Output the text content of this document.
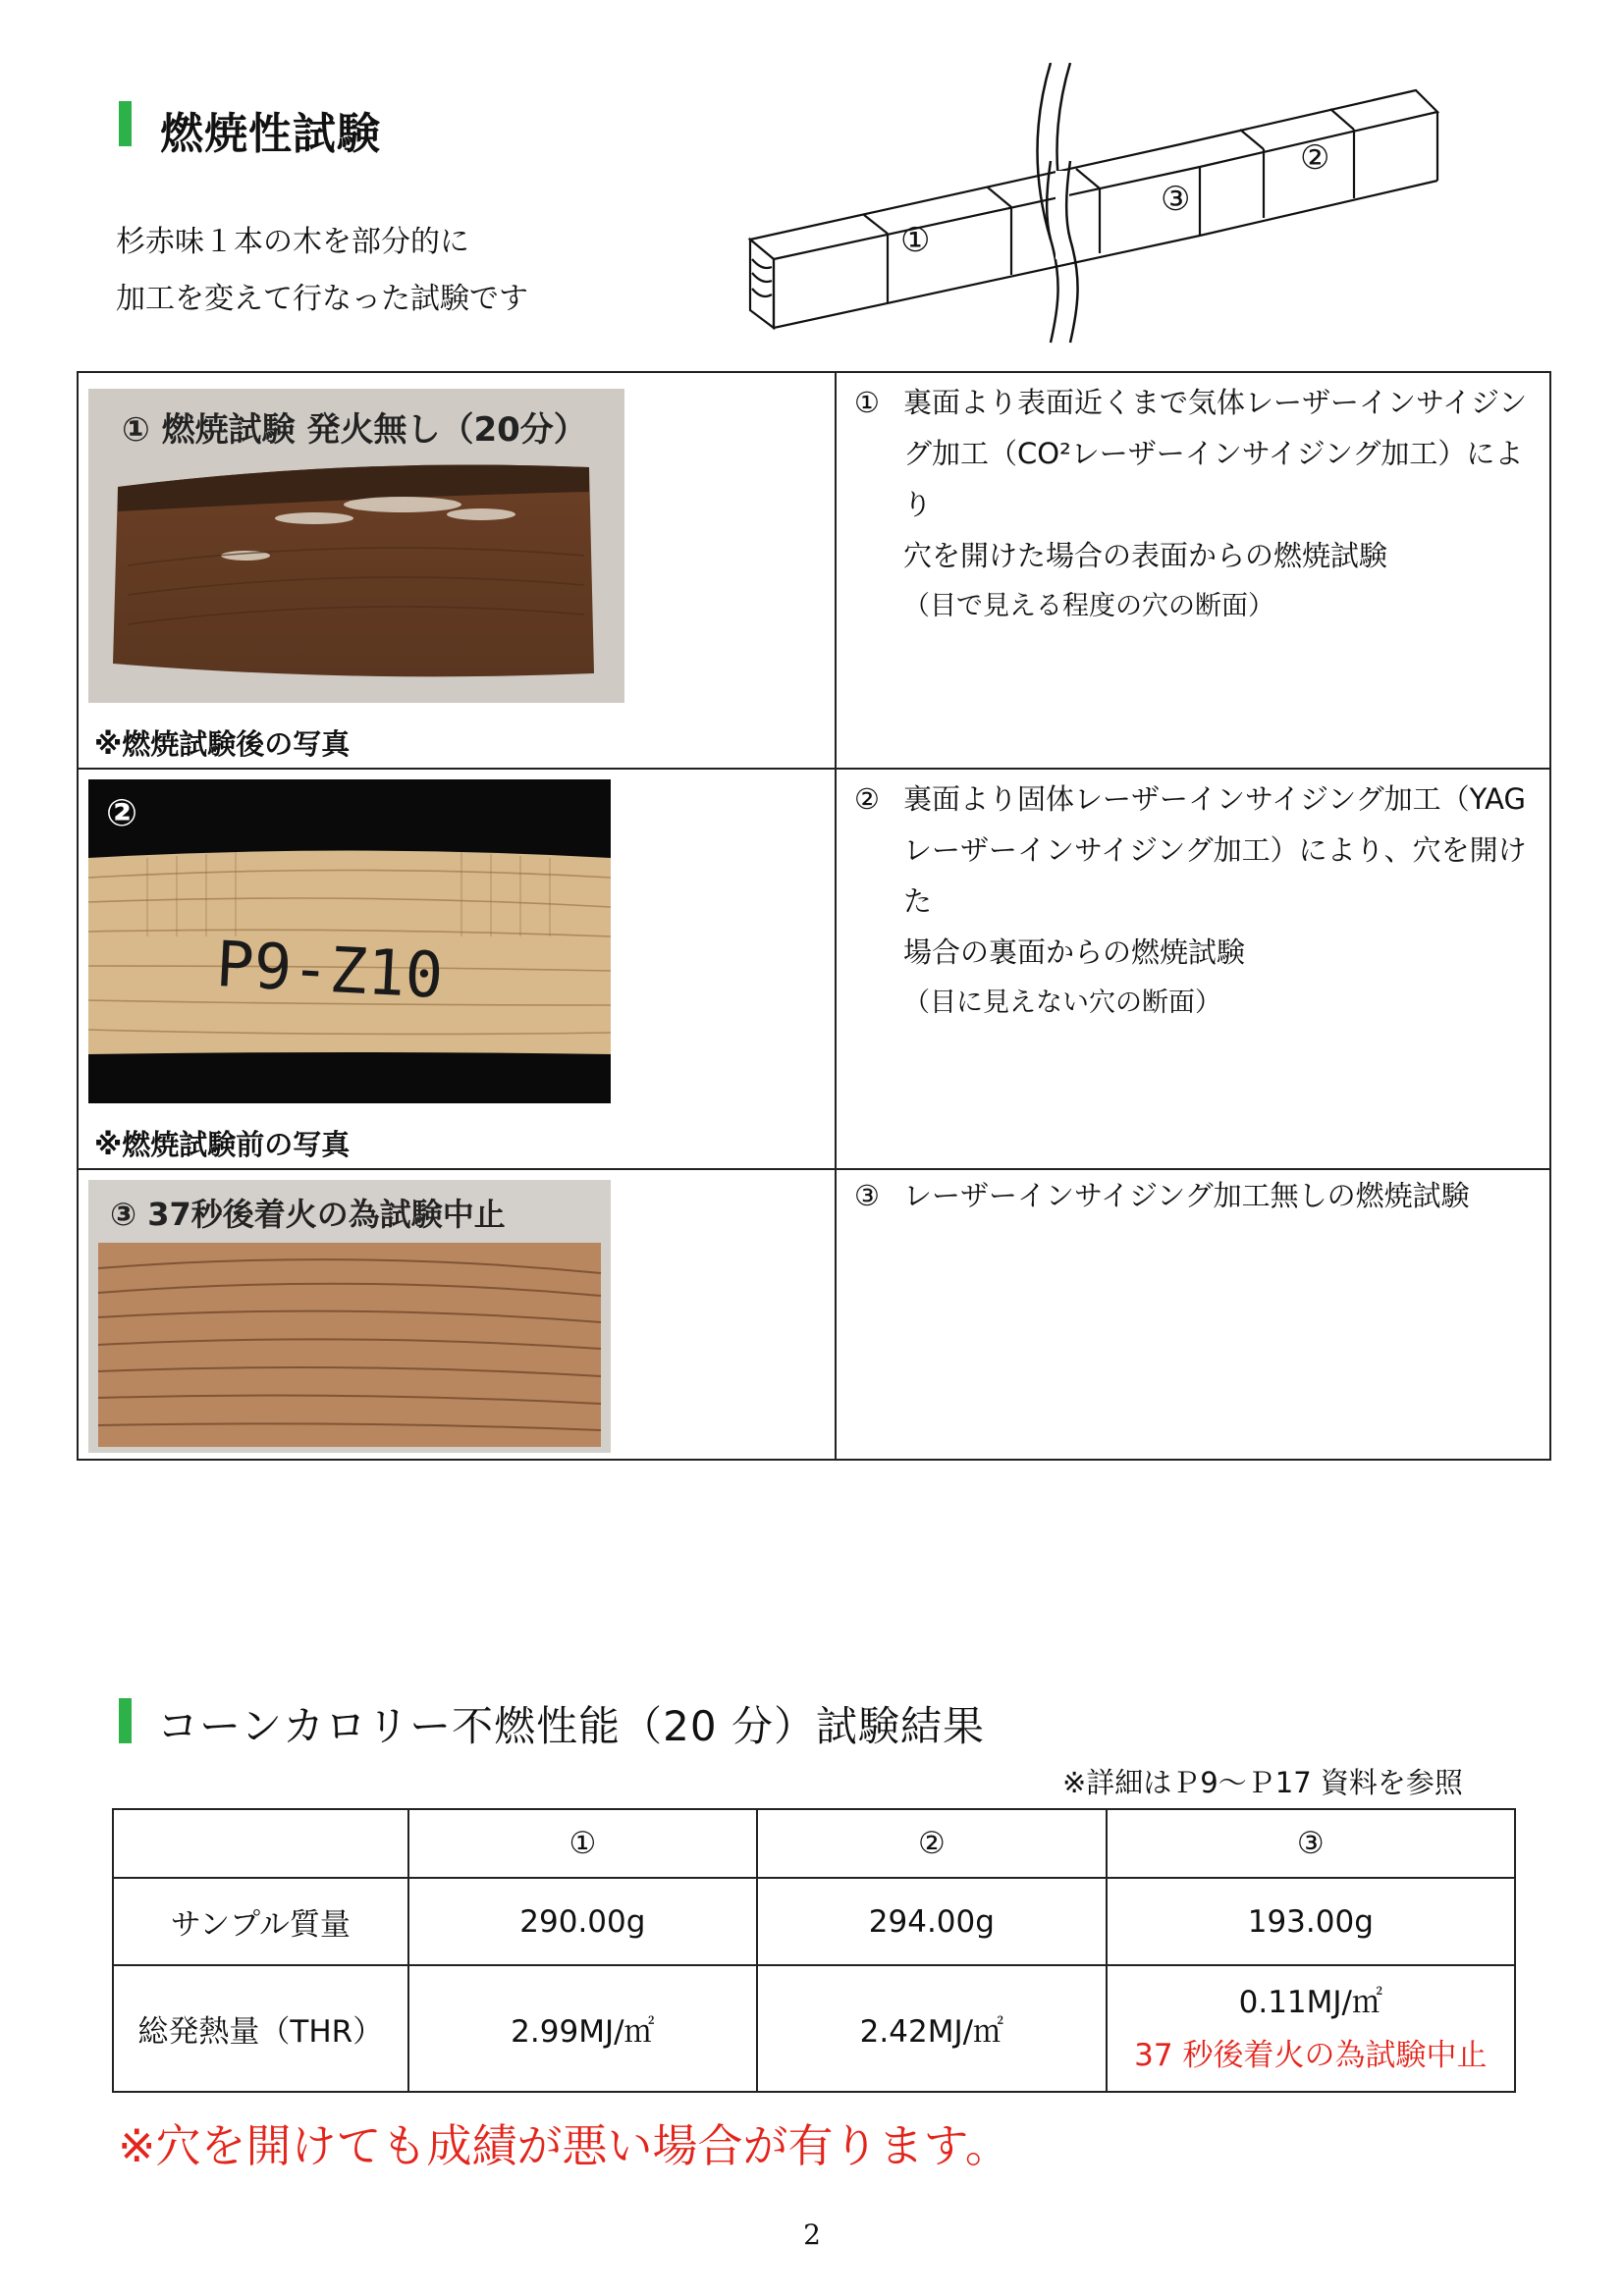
燃焼性試験
杉赤味１本の木を部分的に
加工を変えて行なった試験です
①
③
②
① 燃焼試験 発火無し（20分）
※燃焼試験後の写真
① 裏面より表面近くまで気体レーザーインサイジン
グ加工（CO²レーザーインサイジング加工）により
穴を開けた場合の表面からの燃焼試験
（目で見える程度の穴の断面）
②
P9-Z10
※燃焼試験前の写真
② 裏面より固体レーザーインサイジング加工（YAG
レーザーインサイジング加工）により、穴を開けた
場合の裏面からの燃焼試験
（目に見えない穴の断面）
③ 37秒後着火の為試験中止	③ レーザーインサイジング加工無しの燃焼試験
コーンカロリー不燃性能（20 分）試験結果
※詳細はＰ9～Ｐ17 資料を参照
	①	②	③
サンプル質量	290.00g	294.00g	193.00g
総発熱量（THR）	2.99MJ/㎡	2.42MJ/㎡	0.11MJ/㎡
37 秒後着火の為試験中止
※穴を開けても成績が悪い場合が有ります。
2
